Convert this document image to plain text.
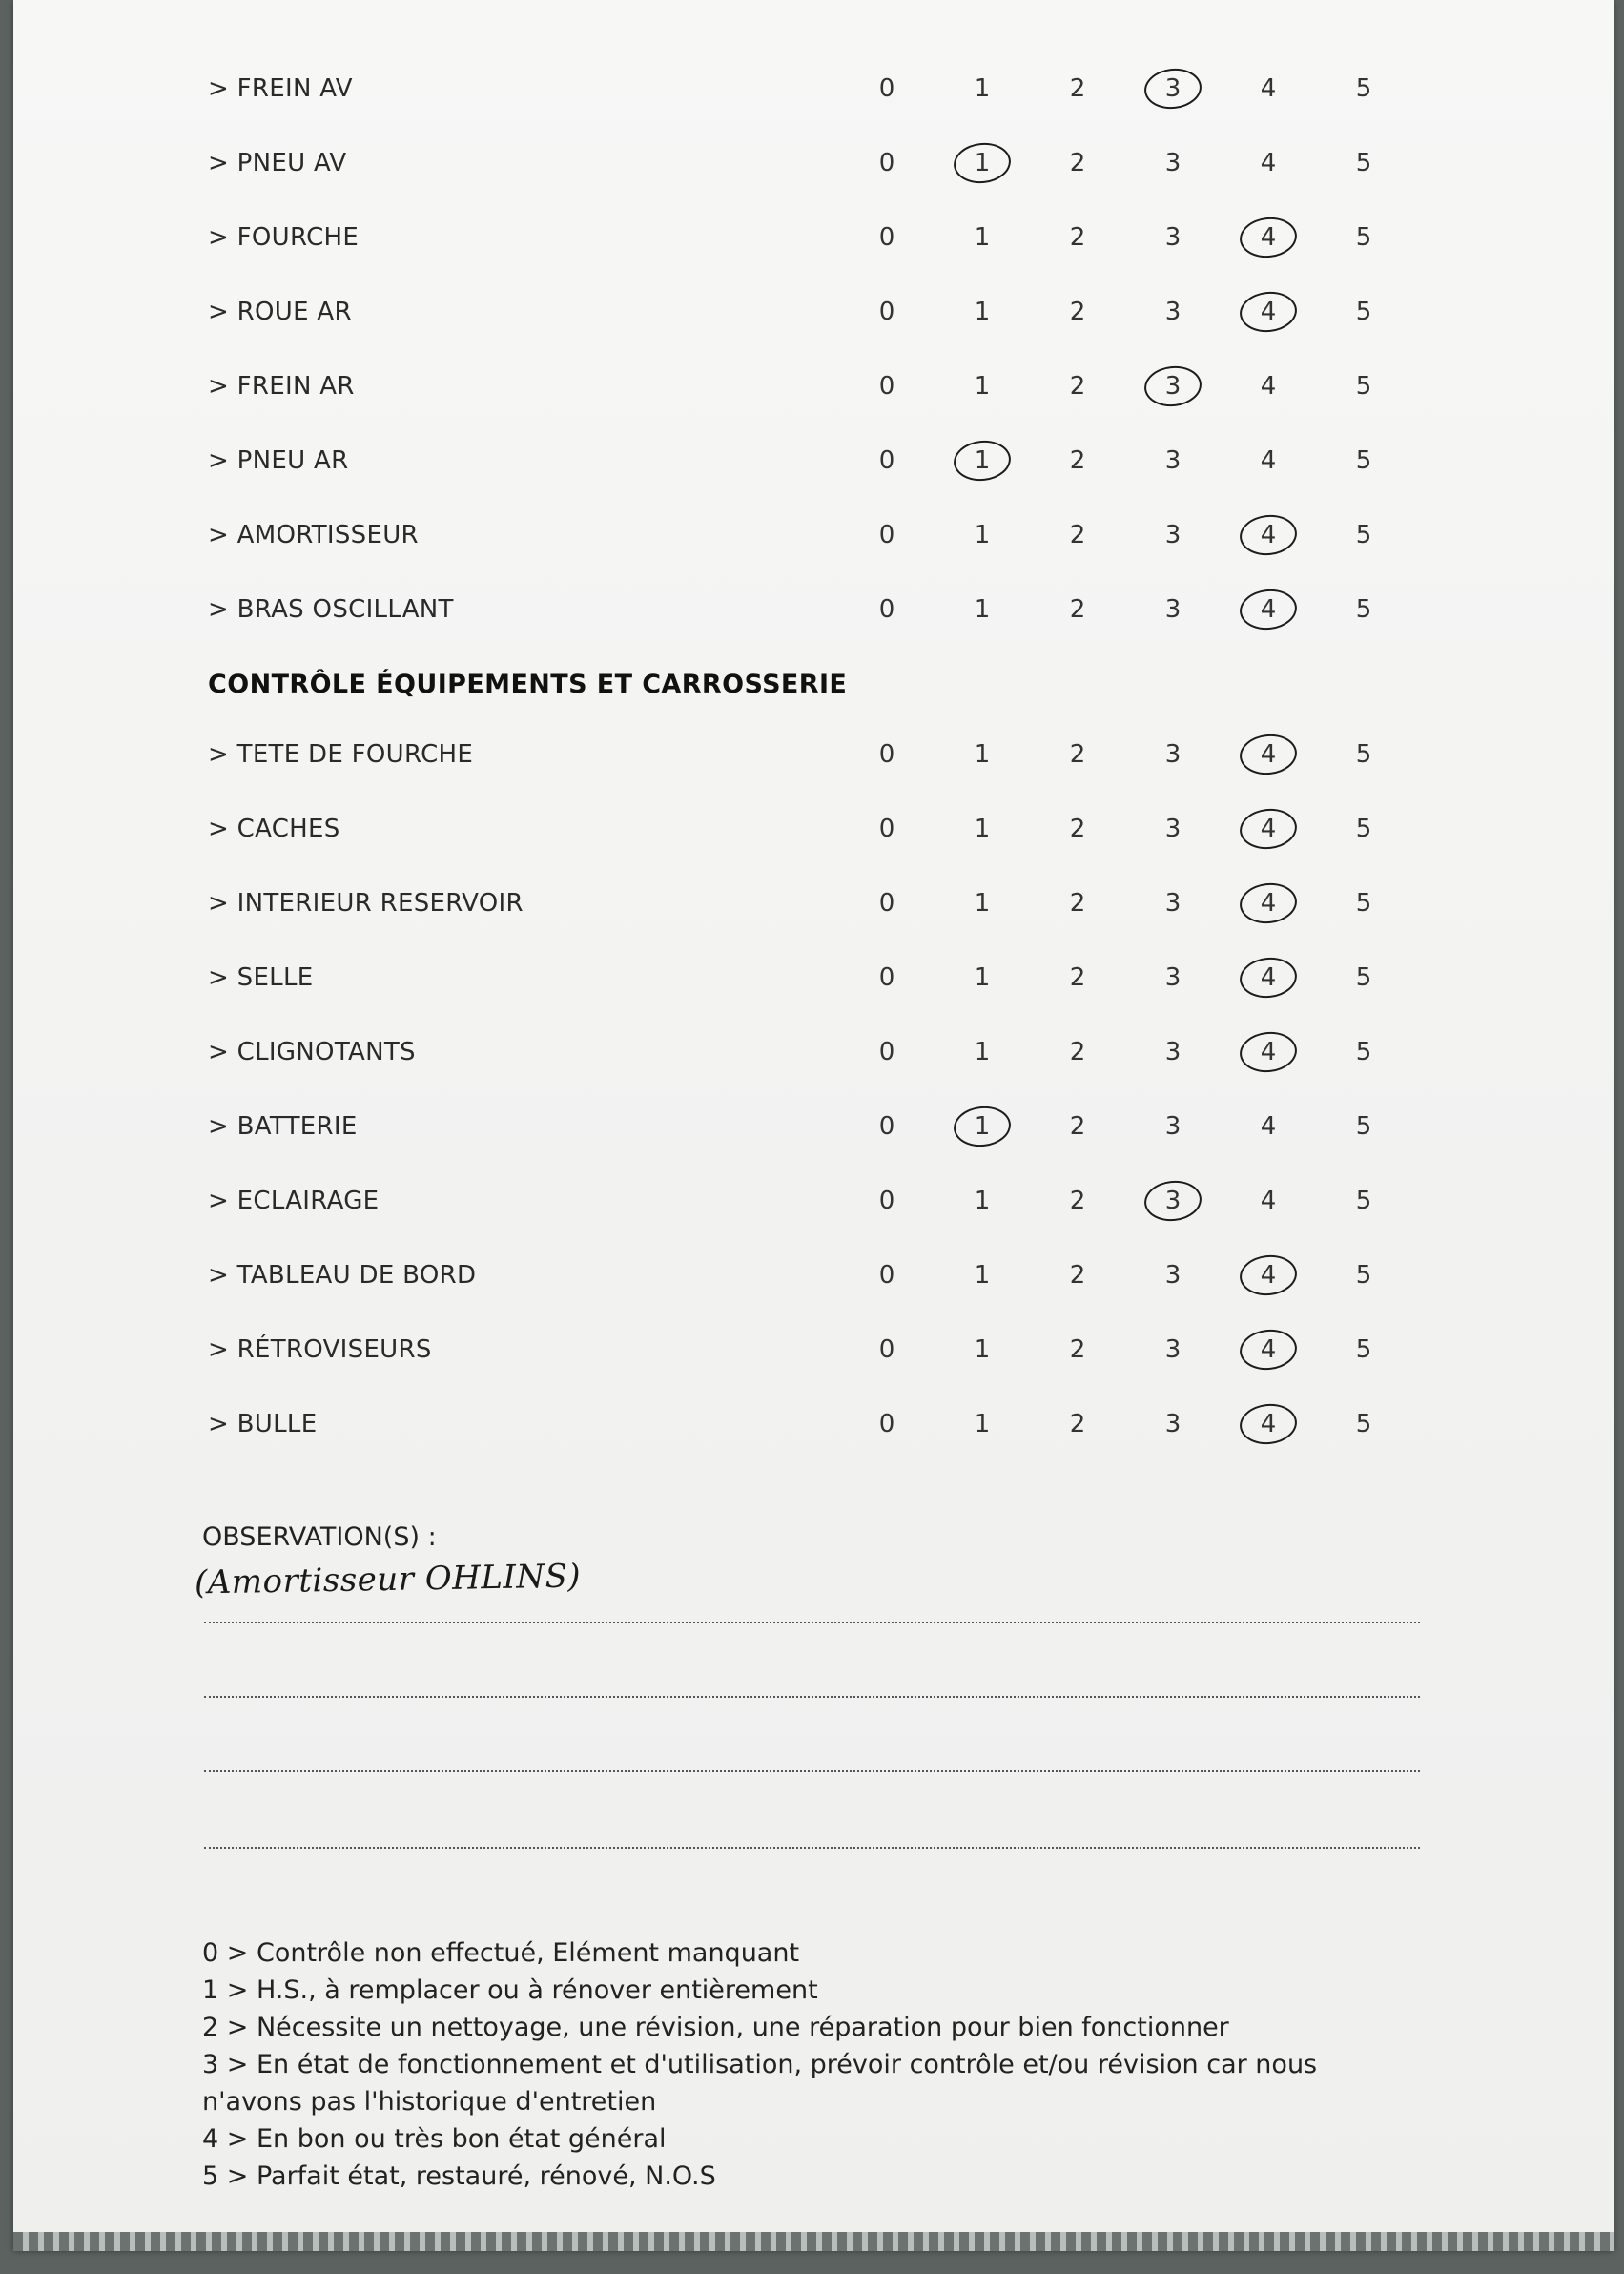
> FREIN AV	0	1	2	3	4	5
> PNEU AV	0	1	2	3	4	5
> FOURCHE	0	1	2	3	4	5
> ROUE AR	0	1	2	3	4	5
> FREIN AR	0	1	2	3	4	5
> PNEU AR	0	1	2	3	4	5
> AMORTISSEUR	0	1	2	3	4	5
> BRAS OSCILLANT	0	1	2	3	4	5
CONTRÔLE ÉQUIPEMENTS ET CARROSSERIE
> TETE DE FOURCHE	0	1	2	3	4	5
> CACHES	0	1	2	3	4	5
> INTERIEUR RESERVOIR	0	1	2	3	4	5
> SELLE	0	1	2	3	4	5
> CLIGNOTANTS	0	1	2	3	4	5
> BATTERIE	0	1	2	3	4	5
> ECLAIRAGE	0	1	2	3	4	5
> TABLEAU DE BORD	0	1	2	3	4	5
> RÉTROVISEURS	0	1	2	3	4	5
> BULLE	0	1	2	3	4	5
OBSERVATION(S) :
(Amortisseur OHLINS)

0 > Contrôle non effectué, Elément manquant

1 > H.S., à remplacer ou à rénover entièrement

2 > Nécessite un nettoyage, une révision, une réparation pour bien fonctionner

3 > En état de fonctionnement et d'utilisation, prévoir contrôle et/ou révision car nous

n'avons pas l'historique d'entretien

4 > En bon ou très bon état général

5 > Parfait état, restauré, rénové, N.O.S
